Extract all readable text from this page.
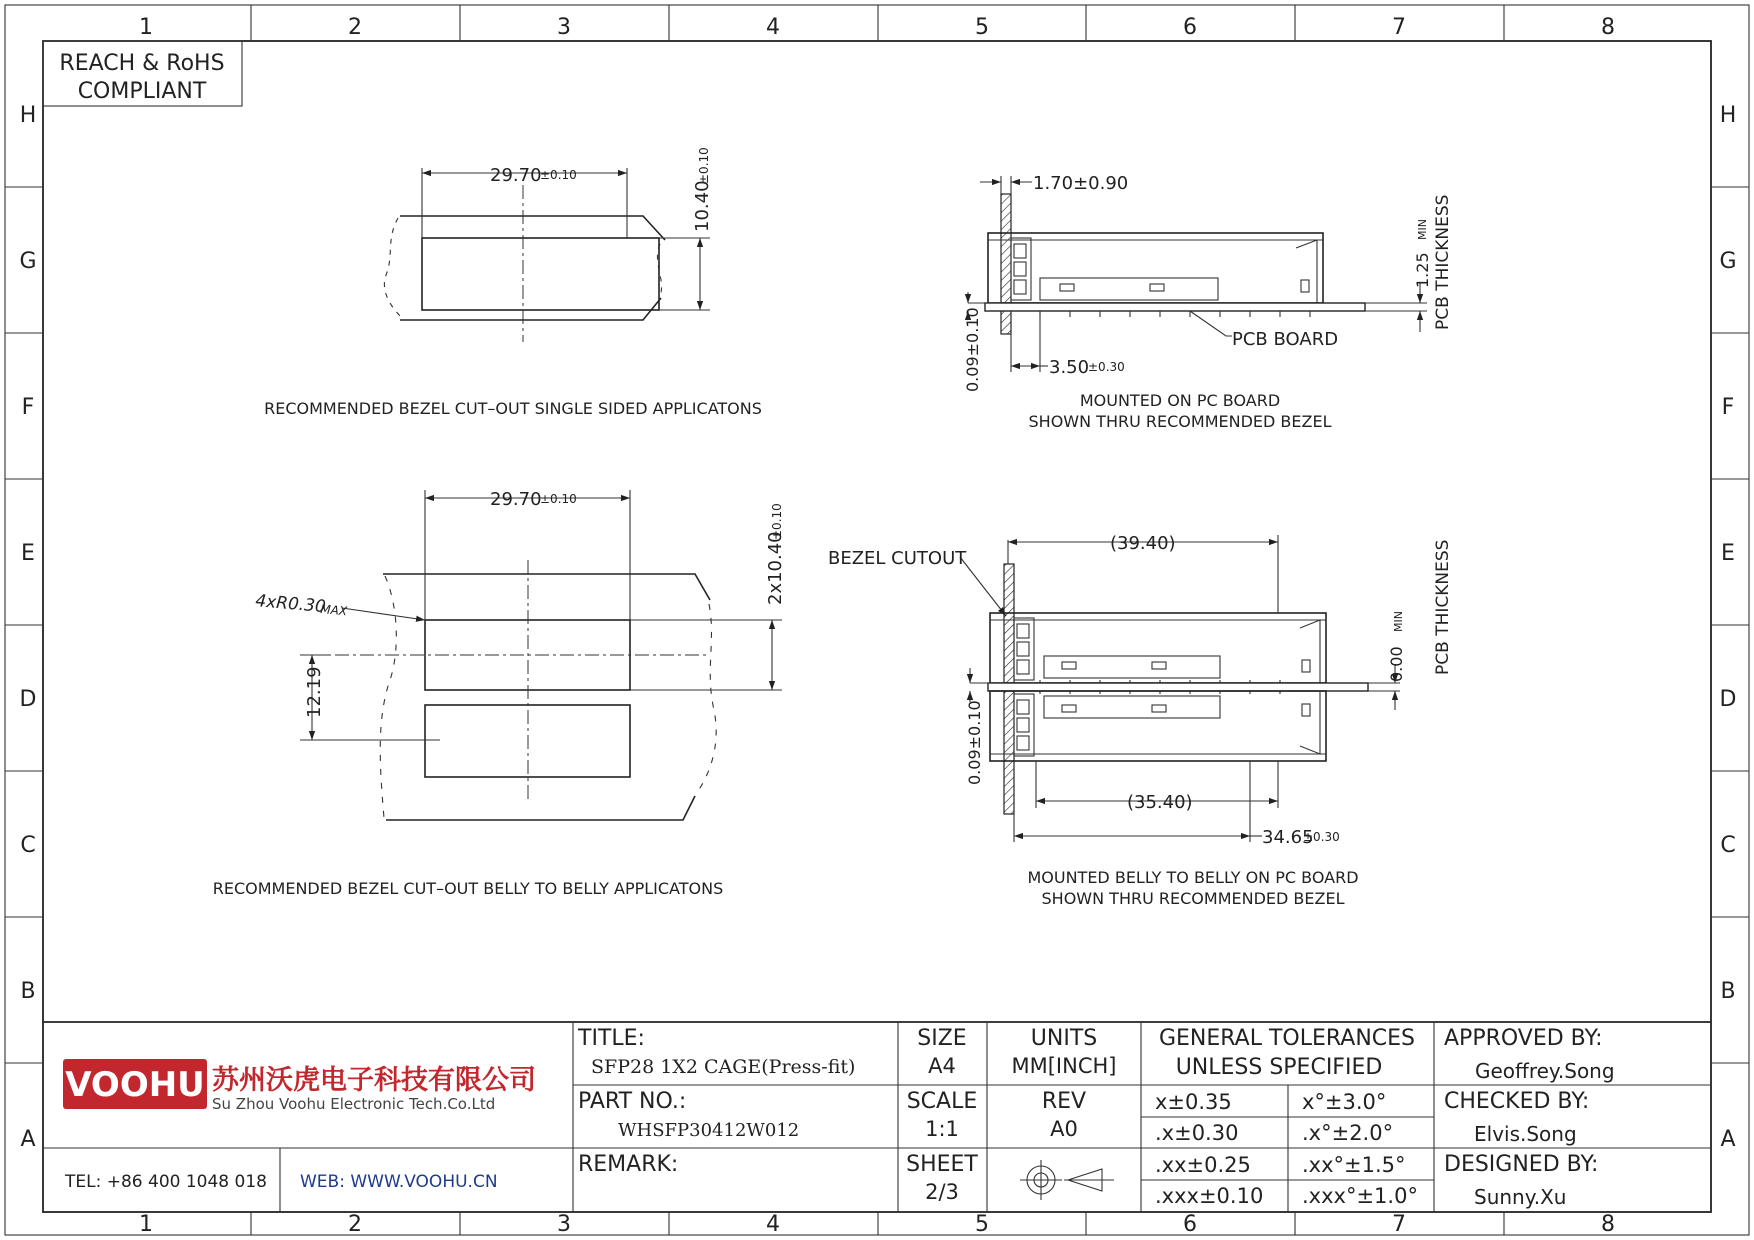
1	2	3	4	5	6	7	8
1	2	3	4	5	6	7	8
H
G
F
E
D
C
B
A
H
G
F
E
D
C
B
A
REACH & RoHS
COMPLIANT
29.70
±0.10
10.40
±0.10
RECOMMENDED BEZEL CUT–OUT SINGLE SIDED APPLICATONS
1.70±0.90
0.09±0.10	3.50
±0.30
PCB BOARD
1.25
MIN PCB THICKNESS
MOUNTED ON PC BOARD
SHOWN THRU RECOMMENDED BEZEL
29.70
±0.10
2x10.40
±0.10
12.19
4xR0.30
MAX
RECOMMENDED BEZEL CUT–OUT BELLY TO BELLY APPLICATONS
(39.40)
BEZEL CUTOUT
0.09±0.10
(35.40)
34.65
±0.30
0.00
MIN PCB THICKNESS
MOUNTED BELLY TO BELLY ON PC BOARD
SHOWN THRU RECOMMENDED BEZEL
VOOHU 苏州沃虎电子科技有限公司
Su Zhou Voohu Electronic Tech.Co.Ltd
TEL: +86 400 1048 018 WEB: WWW.VOOHU.CN
TITLE:
SFP28 1X2 CAGE(Press-fit)
PART NO.:
WHSFP30412W012
REMARK:
SIZE
A4
SCALE
1:1
SHEET
2/3
UNITS
MM[INCH]
REV
A0
GENERAL TOLERANCES
UNLESS SPECIFIED
x±0.35	x°±3.0°
.x±0.30	.x°±2.0°
.xx±0.25 .xx°±1.5°
.xxx±0.10 .xxx°±1.0°
APPROVED BY:
Geoffrey.Song
CHECKED BY:
Elvis.Song
DESIGNED BY:
Sunny.Xu
